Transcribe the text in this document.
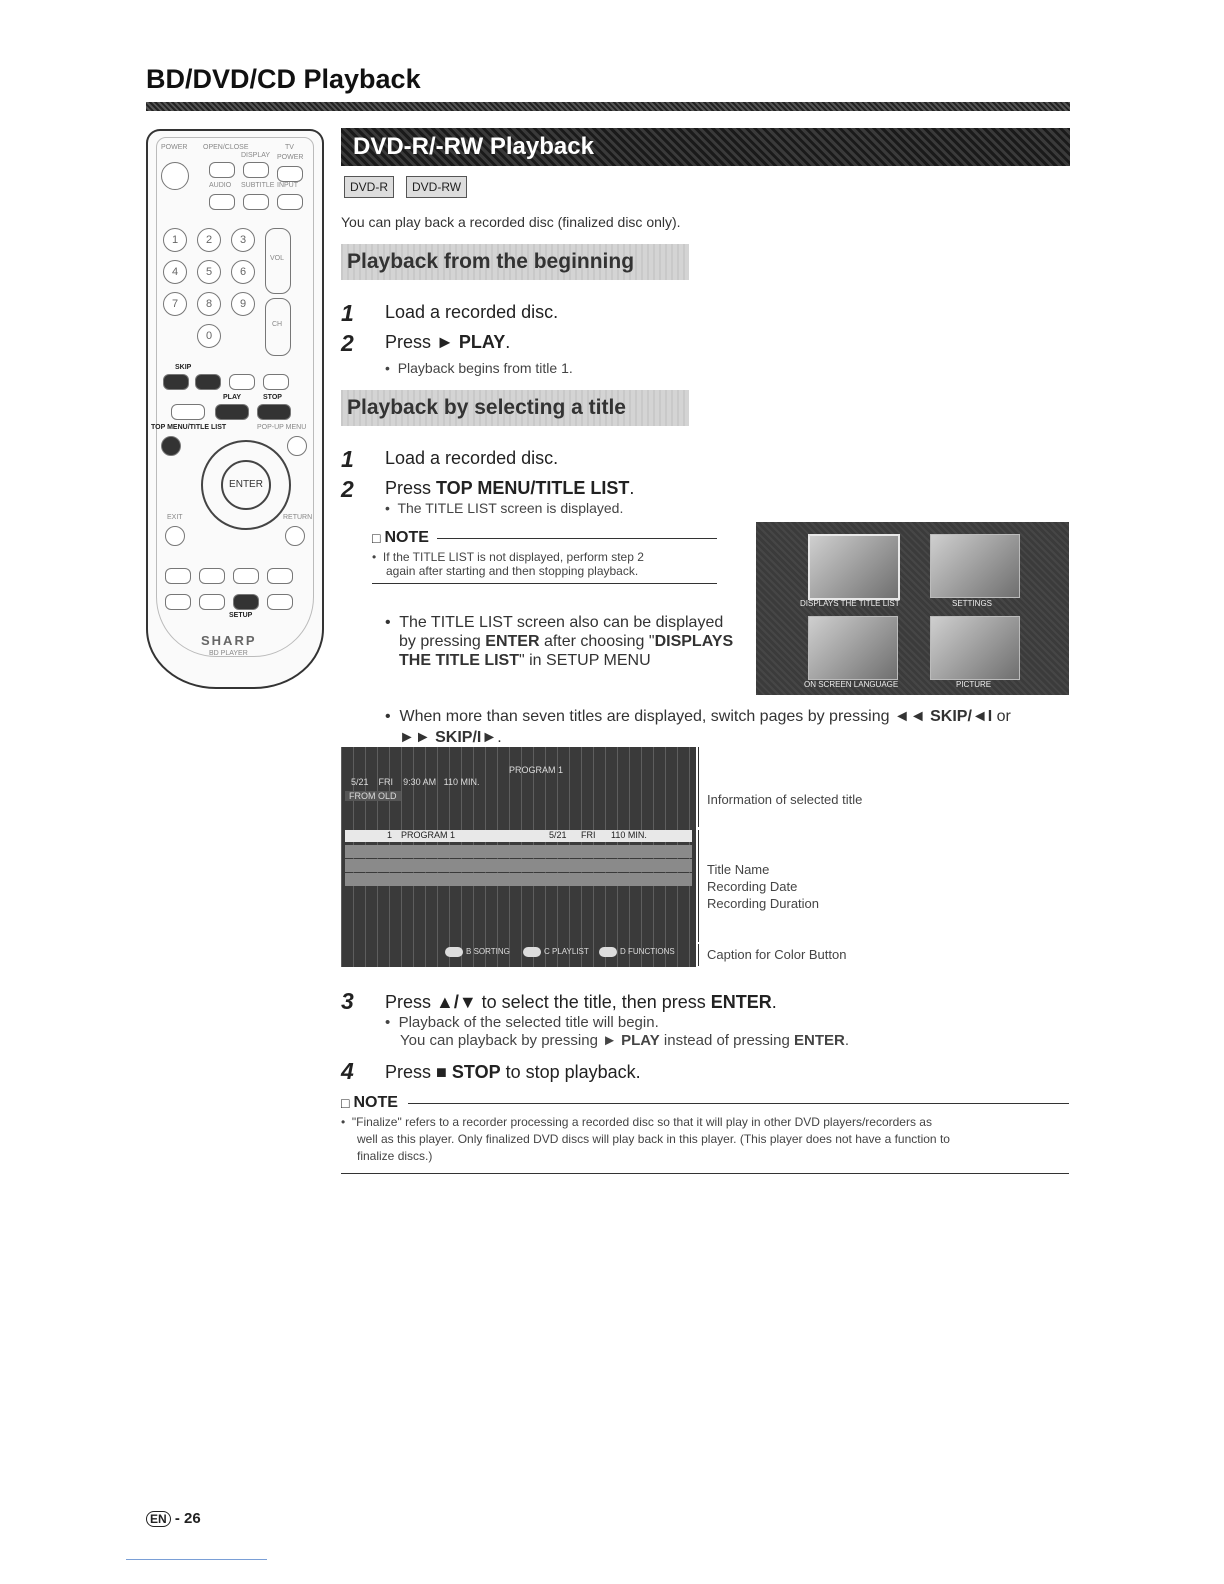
BD/DVD/CD Playback
POWER OPEN/CLOSE
DISPLAY
TV
POWER
AUDIO SUBTITLE INPUT
1	2	3
4	5	6
7	8	9
0
VOL
CH
SKIP
PLAY	STOP
TOP MENU/TITLE LIST	POP-UP MENU
ENTER
EXIT	RETURN
SETUP
SHARP
BD PLAYER
DVD-R/-RW Playback
DVD-R	DVD-RW
You can play back a recorded disc (finalized disc only).
Playback from the beginning
1 Load a recorded disc.
2 Press ► PLAY.
•  Playback begins from title 1.
Playback by selecting a title
1 Load a recorded disc.
2 Press TOP MENU/TITLE LIST.
•  The TITLE LIST screen is displayed.
□ NOTE
•  If the TITLE LIST is not displayed, perform step 2
again after starting and then stopping playback.
•  The TITLE LIST screen also can be displayed
by pressing ENTER after choosing "DISPLAYS
THE TITLE LIST" in SETUP MENU
DISPLAYS THE TITLE LIST	SETTINGS
ON SCREEN LANGUAGE	PICTURE
•  When more than seven titles are displayed, switch pages by pressing ◄◄ SKIP/◄I or
►► SKIP/I►.
PROGRAM 1
5/21 FRI 9:30 AM 110 MIN.
FROM OLD
1 PROGRAM 1	5/21 FRI 110 MIN.
B SORTING	C PLAYLIST	D FUNCTIONS
Information of selected title
Title Name
Recording Date
Recording Duration
Caption for Color Button
3 Press ▲/▼ to select the title, then press ENTER.
•  Playback of the selected title will begin.
You can playback by pressing ► PLAY instead of pressing ENTER.
4 Press ■ STOP to stop playback.
□ NOTE
•  "Finalize" refers to a recorder processing a recorded disc so that it will play in other DVD players/recorders as
well as this player. Only finalized DVD discs will play back in this player. (This player does not have a function to
finalize discs.)
EN - 26
